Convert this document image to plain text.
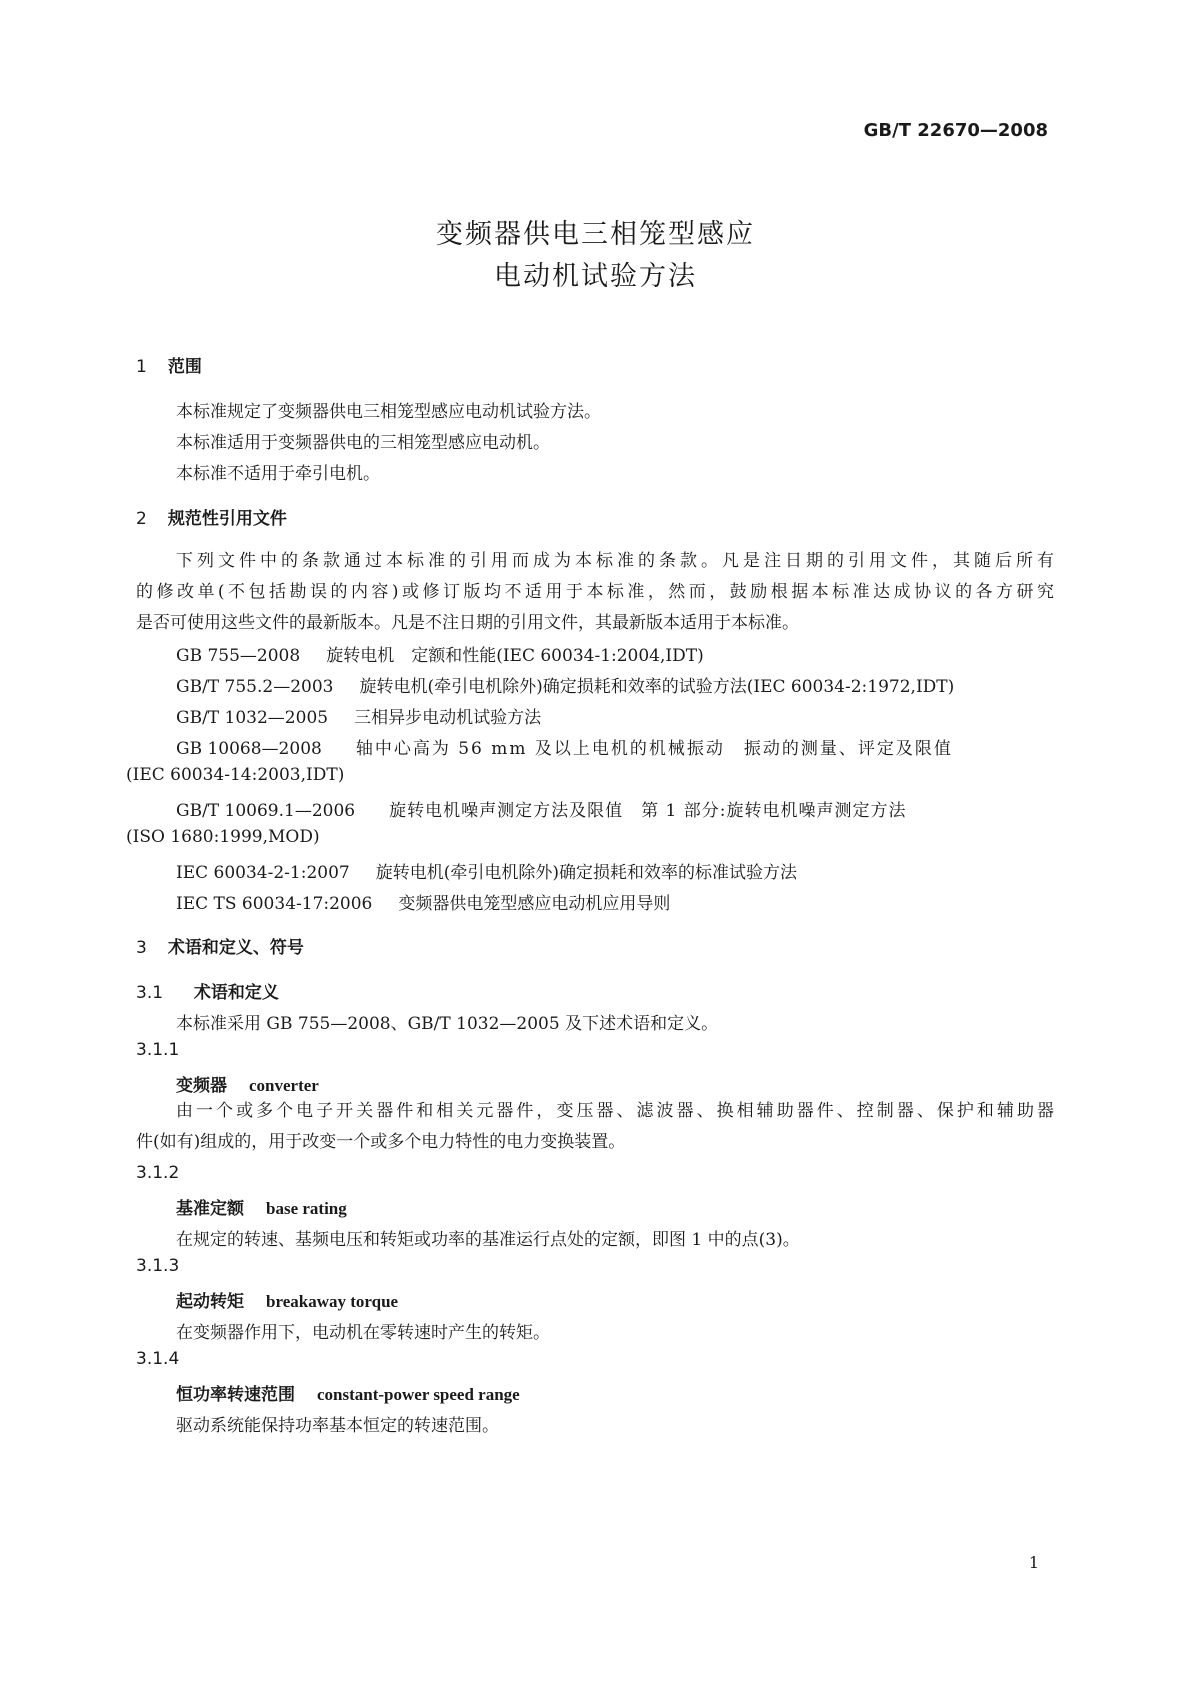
GB/T 22670—2008
变频器供电三相笼型感应
电动机试验方法
1 范围
本标准规定了变频器供电三相笼型感应电动机试验方法。
本标准适用于变频器供电的三相笼型感应电动机。
本标准不适用于牵引电机。
2 规范性引用文件

下列文件中的条款通过本标准的引用而成为本标准的条款。凡是注日期的引用文件，其随后所有

的修改单(不包括勘误的内容)或修订版均不适用于本标准，然而，鼓励根据本标准达成协议的各方研究

是否可使用这些文件的最新版本。凡是不注日期的引用文件，其最新版本适用于本标准。

GB 755—2008 旋转电机　定额和性能(IEC 60034-1:2004,IDT)
GB/T 755.2—2003 旋转电机(牵引电机除外)确定损耗和效率的试验方法(IEC 60034-2:1972,IDT)
GB/T 1032—2005 三相异步电动机试验方法
GB 10068—2008 轴中心高为 56 mm 及以上电机的机械振动　振动的测量、评定及限值
(IEC 60034-14:2003,IDT)
GB/T 10069.1—2006 旋转电机噪声测定方法及限值　第 1 部分:旋转电机噪声测定方法
(ISO 1680:1999,MOD)
IEC 60034-2-1:2007 旋转电机(牵引电机除外)确定损耗和效率的标准试验方法
IEC TS 60034-17:2006 变频器供电笼型感应电动机应用导则
3 术语和定义、符号
3.1 术语和定义
本标准采用 GB 755—2008、GB/T 1032—2005 及下述术语和定义。
3.1.1
变频器 converter

由一个或多个电子开关器件和相关元器件，变压器、滤波器、换相辅助器件、控制器、保护和辅助器

件(如有)组成的，用于改变一个或多个电力特性的电力变换装置。

3.1.2
基准定额 base rating
在规定的转速、基频电压和转矩或功率的基准运行点处的定额，即图 1 中的点(3)。
3.1.3
起动转矩 breakaway torque
在变频器作用下，电动机在零转速时产生的转矩。
3.1.4
恒功率转速范围 constant-power speed range
驱动系统能保持功率基本恒定的转速范围。
1
